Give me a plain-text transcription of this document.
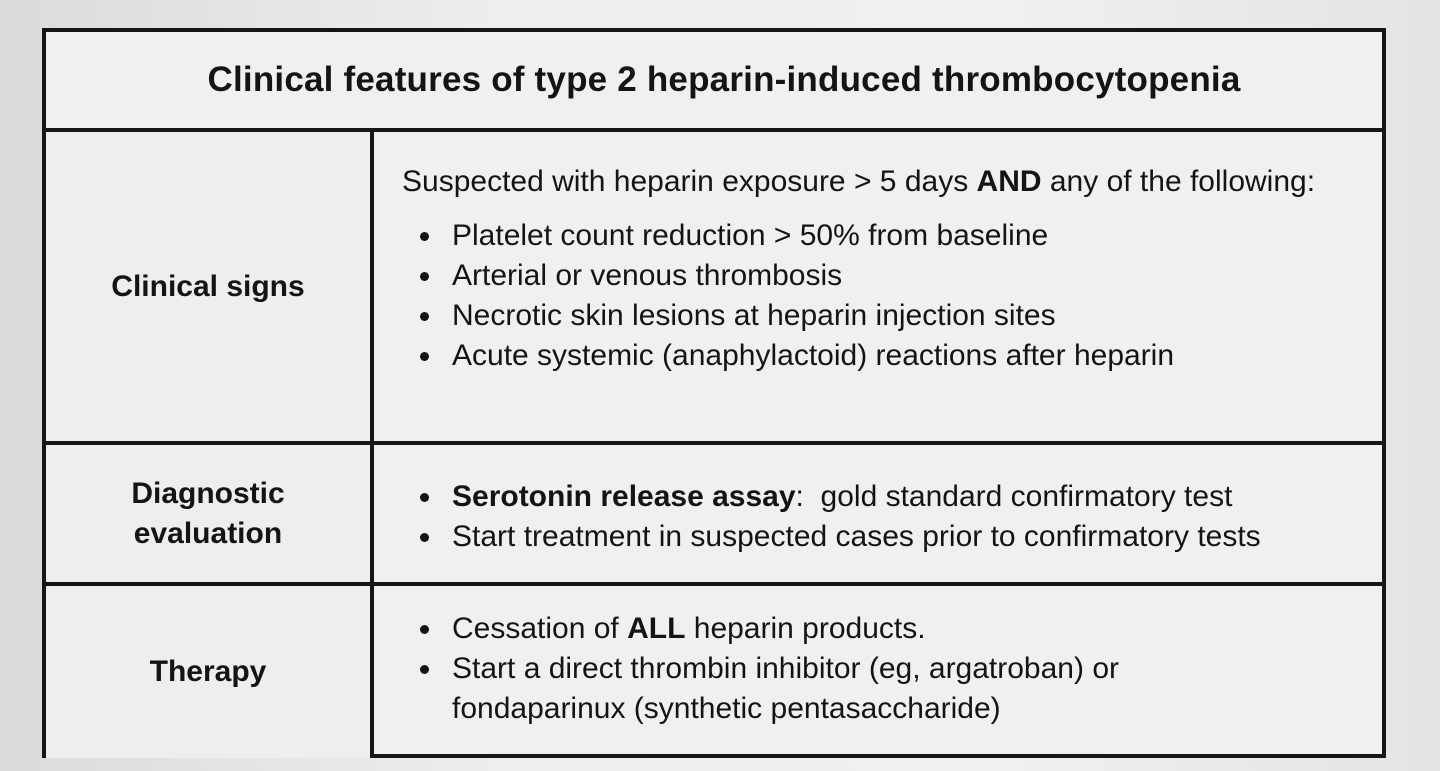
Clinical features of type 2 heparin-induced thrombocytopenia
Clinical signs

Suspected with heparin exposure > 5 days AND any of the following:

Platelet count reduction > 50% from baseline
Arterial or venous thrombosis
Necrotic skin lesions at heparin injection sites
Acute systemic (anaphylactoid) reactions after heparin
Diagnostic
evaluation
Serotonin release assay:  gold standard confirmatory test
Start treatment in suspected cases prior to confirmatory tests
Therapy
Cessation of ALL heparin products.
Start a direct thrombin inhibitor (eg, argatroban) or fondaparinux (synthetic pentasaccharide)
